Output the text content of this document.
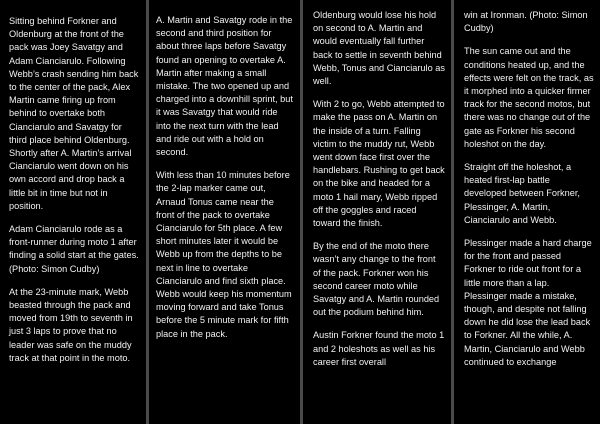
Sitting behind Forkner and Oldenburg at the front of the pack was Joey Savatgy and Adam Cianciarulo. Following Webb’s crash sending him back to the center of the pack, Alex Martin came firing up from behind to overtake both Cianciarulo and Savatgy for third place behind Oldenburg. Shortly after A. Martin’s arrival Cianciarulo went down on his own accord and drop back a little bit in time but not in position.

Adam Cianciarulo rode as a front-runner during moto 1 after finding a solid start at the gates. (Photo: Simon Cudby)

At the 23-minute mark, Webb beasted through the pack and moved from 19th to seventh in just 3 laps to prove that no leader was safe on the muddy track at that point in the moto.

A. Martin and Savatgy rode in the second and third position for about three laps before Savatgy found an opening to overtake A. Martin after making a small mistake. The two opened up and charged into a downhill sprint, but it was Savatgy that would ride into the next turn with the lead and ride out with a hold on second.

With less than 10 minutes before the 2-lap marker came out, Arnaud Tonus came near the front of the pack to overtake Cianciarulo for 5th place. A few short minutes later it would be Webb up from the depths to be next in line to overtake Cianciarulo and find sixth place. Webb would keep his momentum moving forward and take Tonus before the 5 minute mark for fifth place in the pack.

Oldenburg would lose his hold on second to A. Martin and would eventually fall further back to settle in seventh behind Webb, Tonus and Cianciarulo as well.

With 2 to go, Webb attempted to make the pass on A. Martin on the inside of a turn. Falling victim to the muddy rut, Webb went down face first over the handlebars. Rushing to get back on the bike and headed for a moto 1 hail mary, Webb ripped off the goggles and raced toward the finish.

By the end of the moto there wasn’t any change to the front of the pack. Forkner won his second career moto while Savatgy and A. Martin rounded out the podium behind him.

Austin Forkner found the moto 1 and 2 holeshots as well as his career first overall

win at Ironman. (Photo: Simon Cudby)

The sun came out and the conditions heated up, and the effects were felt on the track, as it morphed into a quicker firmer track for the second motos, but there was no change out of the gate as Forkner his second holeshot on the day.

Straight off the holeshot, a heated first-lap battle developed between Forkner, Plessinger, A. Martin, Cianciarulo and Webb.

Plessinger made a hard charge for the front and passed Forkner to ride out front for a little more than a lap. Plessinger made a mistake, though, and despite not falling down he did lose the lead back to Forkner. All the while, A. Martin, Cianciarulo and Webb continued to exchange
